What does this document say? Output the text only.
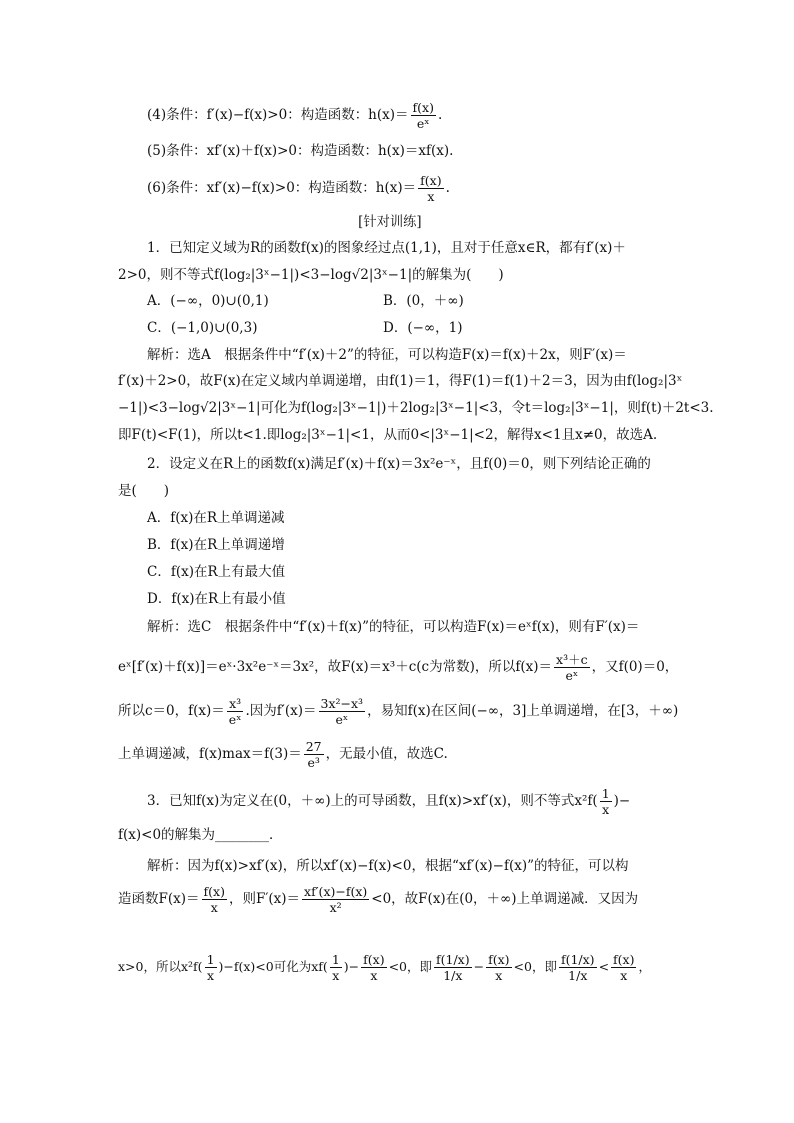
(4)条件：f′(x)−f(x)>0：构造函数：$h(x)= \frac{f(x)}{\text{eˣ}}$ .
(5)条件：xf′(x)＋f(x)>0：构造函数：h(x)＝xf(x).
(6)条件：xf′(x)−f(x)>0：构造函数：$h(x)= \frac{f(x)}{x}$ .
[针对训练]
1．已知定义域为R的函数f(x)的图象经过点(1,1)，且对于任意x∈R，都有f′(x)＋
2>0，则不等式f(log₂|3ˣ−1|)<3−log√2|3ˣ−1|的解集为(　　)
A．(−∞，0)∪(0,1)	B．(0，＋∞)
C．(−1,0)∪(0,3)	D．(−∞，1)
解析：选A　根据条件中“f′(x)＋2”的特征，可以构造F(x)＝f(x)＋2x，则F′(x)＝
f′(x)＋2>0，故F(x)在定义域内单调递增，由f(1)＝1，得F(1)＝f(1)＋2＝3，因为由f(log₂|3ˣ
−1|)<3−log√2|3ˣ−1|可化为f(log₂|3ˣ−1|)＋2log₂|3ˣ−1|<3，令t＝log₂|3ˣ−1|，则f(t)＋2t<3.
即F(t)<F(1)，所以t<1.即log₂|3ˣ−1|<1，从而0<|3ˣ−1|<2，解得x<1且x≠0，故选A.
2．设定义在R上的函数f(x)满足f′(x)＋f(x)＝3x²e⁻ˣ，且f(0)＝0，则下列结论正确的
是(　　)
A．f(x)在R上单调递减
B．f(x)在R上单调递增
C．f(x)在R上有最大值
D．f(x)在R上有最小值
解析：选C　根据条件中“f′(x)＋f(x)”的特征，可以构造F(x)＝eˣf(x)，则有F′(x)＝
eˣ[f′(x)＋f(x)]＝eˣ·3x²e⁻ˣ＝3x²，故F(x)＝x³＋c(c为常数)，所以$f(x)= \frac{\text{x³＋c}}{\text{eˣ}}$ ，又f(0)＝0，
所以c＝0，$f(x)= \frac{\text{x³}}{\text{eˣ}}$ .因为$f'(x)= \frac{\text{3x²−x³}}{\text{eˣ}}$ ，易知f(x)在区间(−∞，3]上单调递增，在[3，＋∞)
上单调递减，$f(x)\max=f(3)= \frac{27}{\text{e³}}$ ，无最小值，故选C.
3．已知f(x)为定义在(0，＋∞)上的可导函数，且f(x)>xf′(x)，则不等式$x^2f( \frac{1}{x}$ )−
f(x)<0的解集为________．
解析：因为f(x)>xf′(x)，所以xf′(x)−f(x)<0，根据“xf′(x)−f(x)”的特征，可以构
造函数$F(x)= \frac{f(x)}{x}$ ，则$F'(x)= \frac{xf'(x)-f(x)}{\text{x²}} <0$，故F(x)在(0，＋∞)上单调递减．又因为
x>0，所以$x^2f( \frac{1}{x} )-f(x)<0$可化为$xf( \frac{1}{x}$ )− $\frac{f(x)}{x} <0$，即 $\frac{f(1/x)}{1/x} - \frac{f(x)}{x} <0$，即 $\frac{f(1/x)}{1/x} < \frac{f(x)}{x}$ ，
